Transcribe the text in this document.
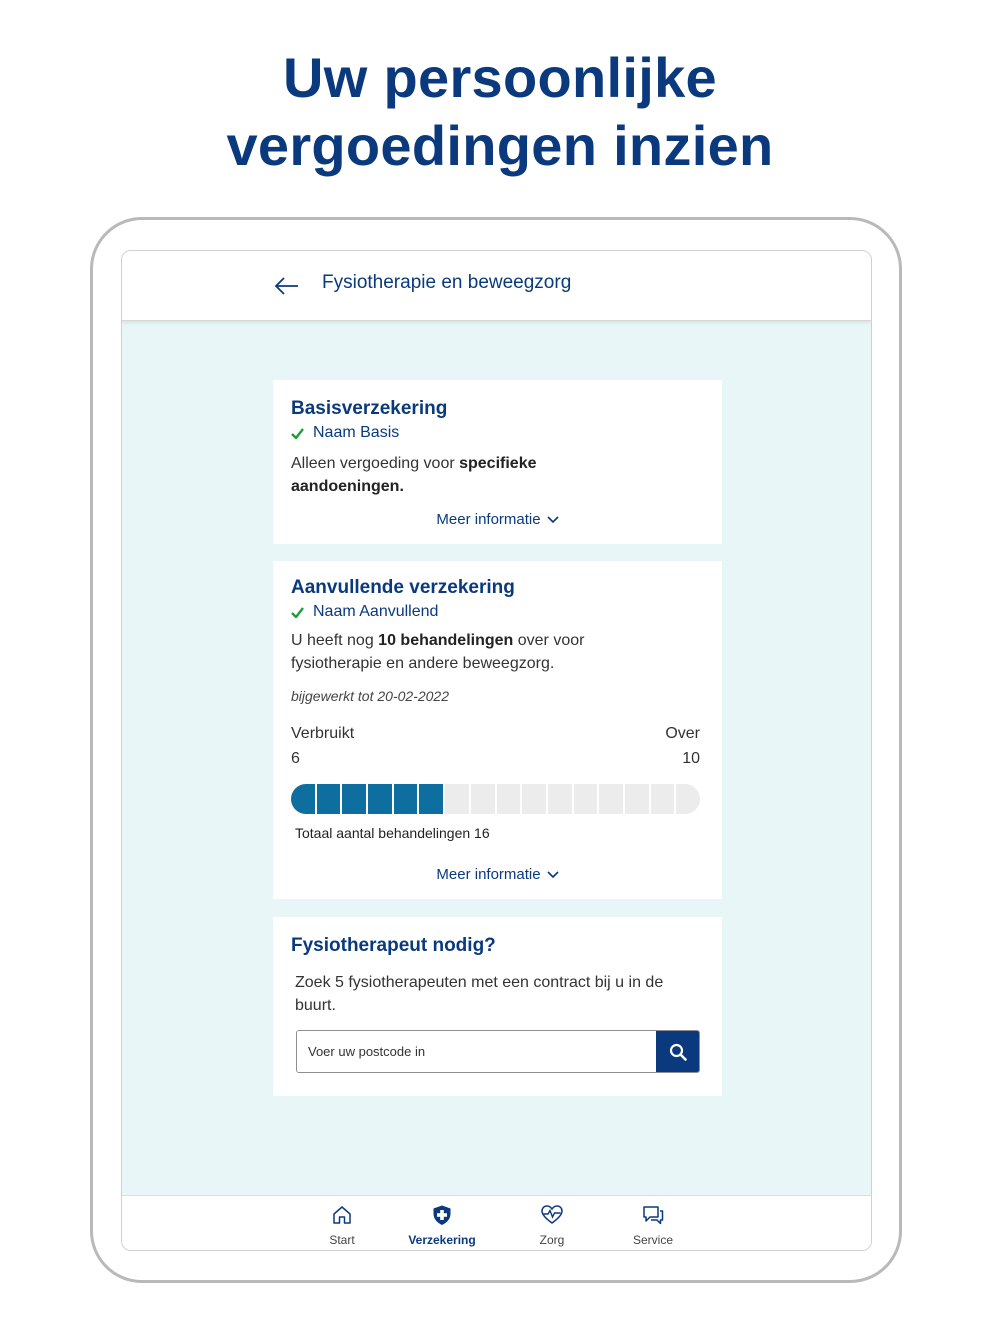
Uw persoonlijke
vergoedingen inzien
Fysiotherapie en beweegzorg
Basisverzekering
Naam Basis
Alleen vergoeding voor specifieke aandoeningen.
Meer informatie
Aanvullende verzekering
Naam Aanvullend
U heeft nog 10 behandelingen over voor fysiotherapie en andere beweegzorg.
bijgewerkt tot 20-02-2022
Verbruikt
6
Over
10
Totaal aantal behandelingen 16
Meer informatie
Fysiotherapeut nodig?
Zoek 5 fysiotherapeuten met een contract bij u in de buurt.
Voer uw postcode in
Start	Verzekering	Zorg	Service
